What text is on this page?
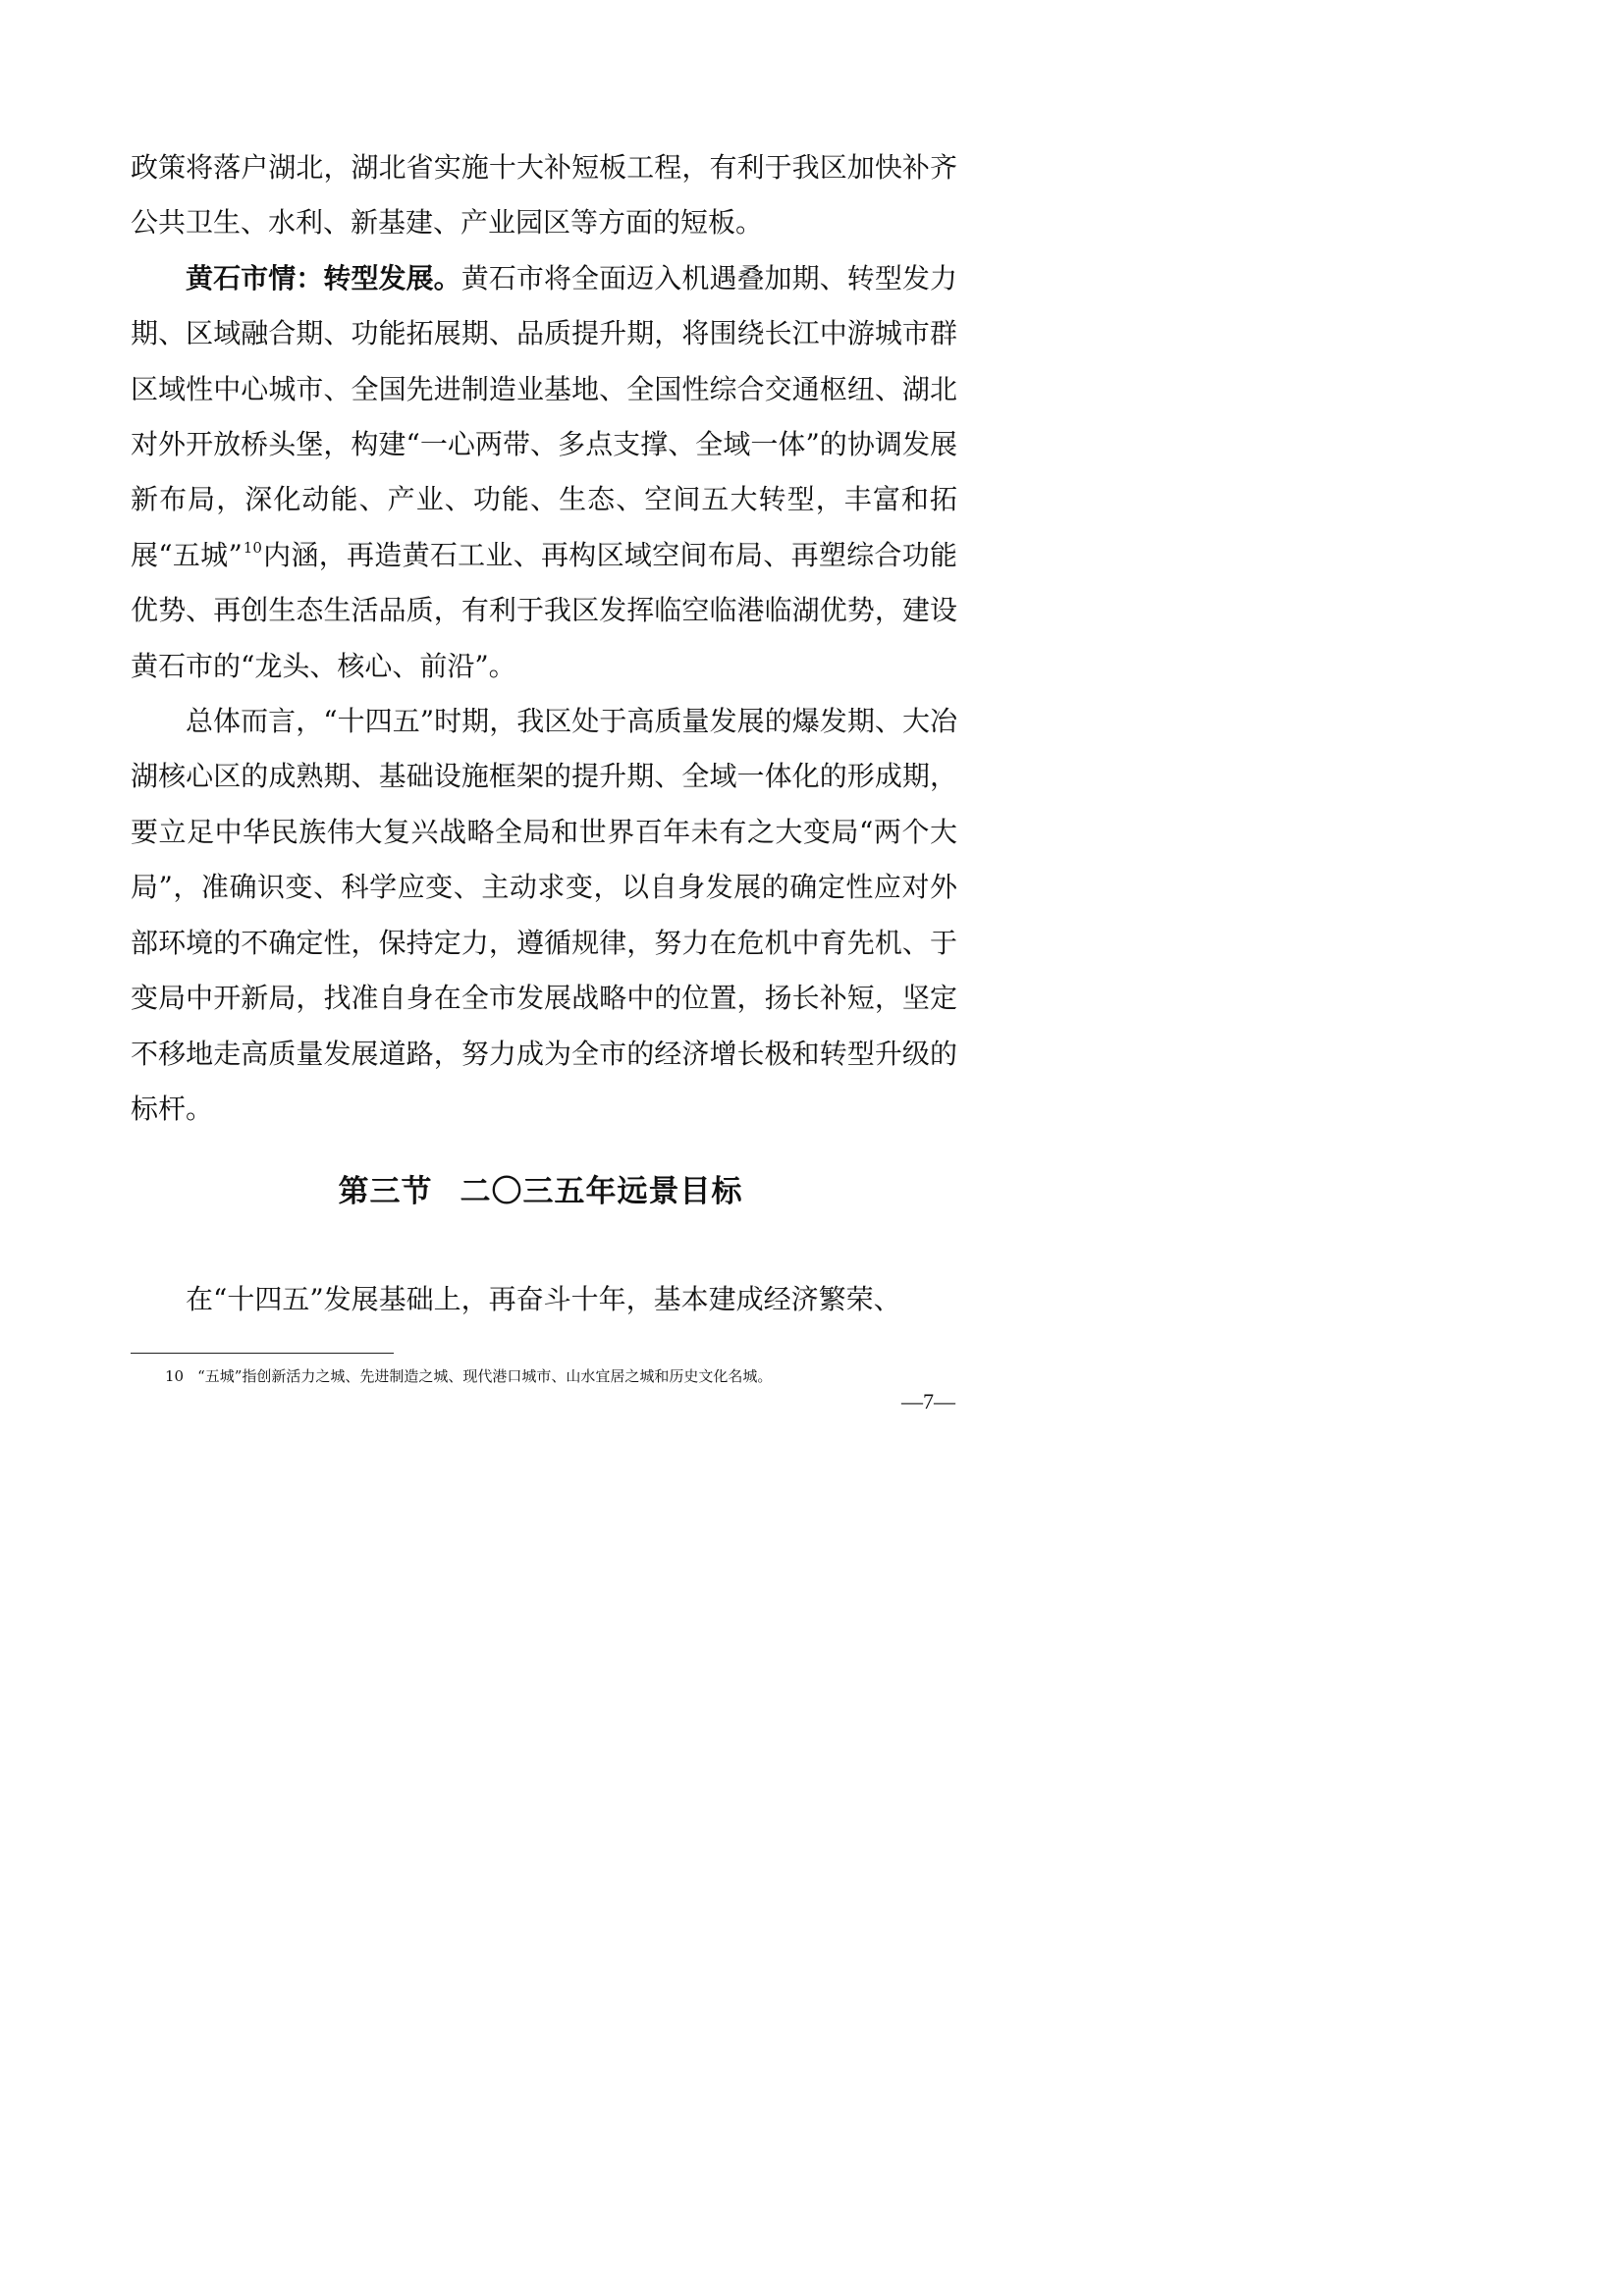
政策将落户湖北，湖北省实施十大补短板工程，有利于我区加快补齐公共卫生、水利、新基建、产业园区等方面的短板。

黄石市情：转型发展。黄石市将全面迈入机遇叠加期、转型发力期、区域融合期、功能拓展期、品质提升期，将围绕长江中游城市群区域性中心城市、全国先进制造业基地、全国性综合交通枢纽、湖北对外开放桥头堡，构建“一心两带、多点支撑、全域一体”的协调发展新布局，深化动能、产业、功能、生态、空间五大转型，丰富和拓展“五城”$^{10}$内涵，再造黄石工业、再构区域空间布局、再塑综合功能优势、再创生态生活品质，有利于我区发挥临空临港临湖优势，建设黄石市的“龙头、核心、前沿”。

总体而言，“十四五”时期，我区处于高质量发展的爆发期、大冶湖核心区的成熟期、基础设施框架的提升期、全域一体化的形成期，要立足中华民族伟大复兴战略全局和世界百年未有之大变局“两个大局”，准确识变、科学应变、主动求变，以自身发展的确定性应对外部环境的不确定性，保持定力，遵循规律，努力在危机中育先机、于变局中开新局，找准自身在全市发展战略中的位置，扬长补短，坚定不移地走高质量发展道路，努力成为全市的经济增长极和转型升级的标杆。

第三节 二〇三五年远景目标

在“十四五”发展基础上，再奋斗十年，基本建成经济繁荣、

10 “五城”指创新活力之城、先进制造之城、现代港口城市、山水宜居之城和历史文化名城。

—7—
